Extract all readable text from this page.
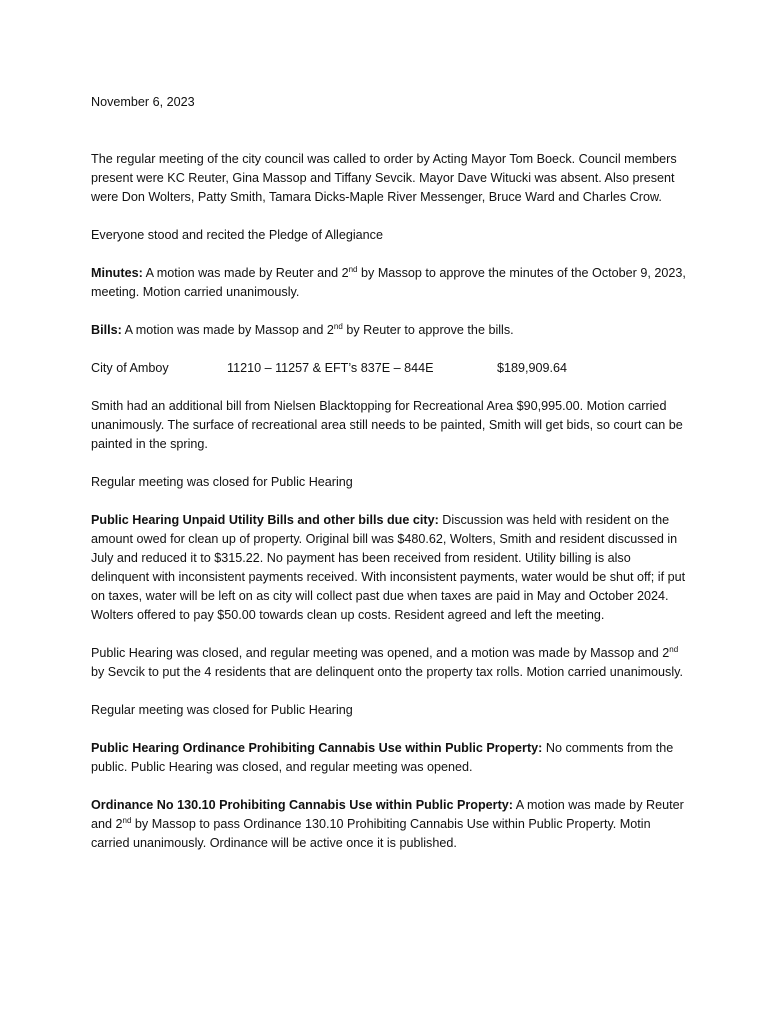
November 6, 2023

The regular meeting of the city council was called to order by Acting Mayor Tom Boeck. Council members present were KC Reuter, Gina Massop and Tiffany Sevcik. Mayor Dave Witucki was absent. Also present were Don Wolters, Patty Smith, Tamara Dicks-Maple River Messenger, Bruce Ward and Charles Crow.

Everyone stood and recited the Pledge of Allegiance

Minutes: A motion was made by Reuter and 2nd by Massop to approve the minutes of the October 9, 2023, meeting. Motion carried unanimously.

Bills: A motion was made by Massop and 2nd by Reuter to approve the bills.

City of Amboy	11210 – 11257 & EFT’s 837E – 844E	$189,909.64

Smith had an additional bill from Nielsen Blacktopping for Recreational Area $90,995.00. Motion carried unanimously. The surface of recreational area still needs to be painted, Smith will get bids, so court can be painted in the spring.

Regular meeting was closed for Public Hearing

Public Hearing Unpaid Utility Bills and other bills due city: Discussion was held with resident on the amount owed for clean up of property. Original bill was $480.62, Wolters, Smith and resident discussed in July and reduced it to $315.22. No payment has been received from resident. Utility billing is also delinquent with inconsistent payments received. With inconsistent payments, water would be shut off; if put on taxes, water will be left on as city will collect past due when taxes are paid in May and October 2024. Wolters offered to pay $50.00 towards clean up costs. Resident agreed and left the meeting.

Public Hearing was closed, and regular meeting was opened, and a motion was made by Massop and 2nd by Sevcik to put the 4 residents that are delinquent onto the property tax rolls. Motion carried unanimously.

Regular meeting was closed for Public Hearing

Public Hearing Ordinance Prohibiting Cannabis Use within Public Property: No comments from the public. Public Hearing was closed, and regular meeting was opened.

Ordinance No 130.10 Prohibiting Cannabis Use within Public Property: A motion was made by Reuter and 2nd by Massop to pass Ordinance 130.10 Prohibiting Cannabis Use within Public Property. Motin carried unanimously. Ordinance will be active once it is published.
